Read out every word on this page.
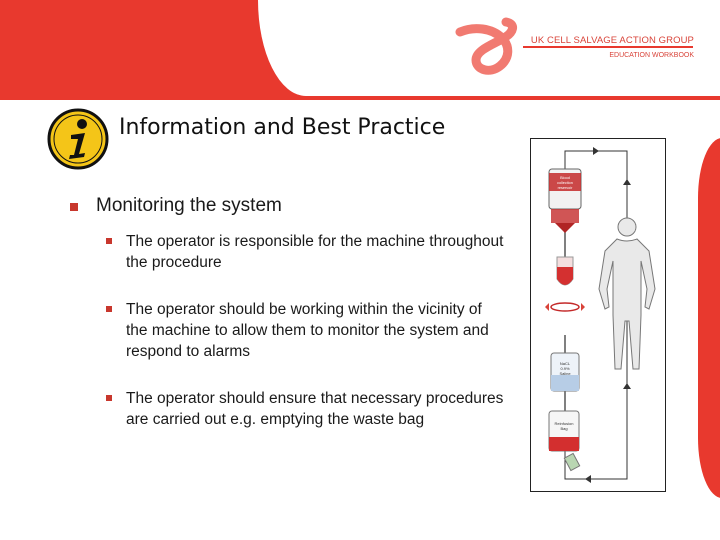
UK CELL SALVAGE ACTION GROUP
EDUCATION WORKBOOK
Information and Best Practice
Monitoring the system
The operator is responsible for the machine throughout the procedure
The operator should be working within the vicinity of the machine to allow them to monitor the system and respond to alarms
The operator should ensure that necessary procedures are carried out e.g. emptying the waste bag
Blood
collection
reservoir
NaCL
0.9%
Saline
Reinfusion
Bag
